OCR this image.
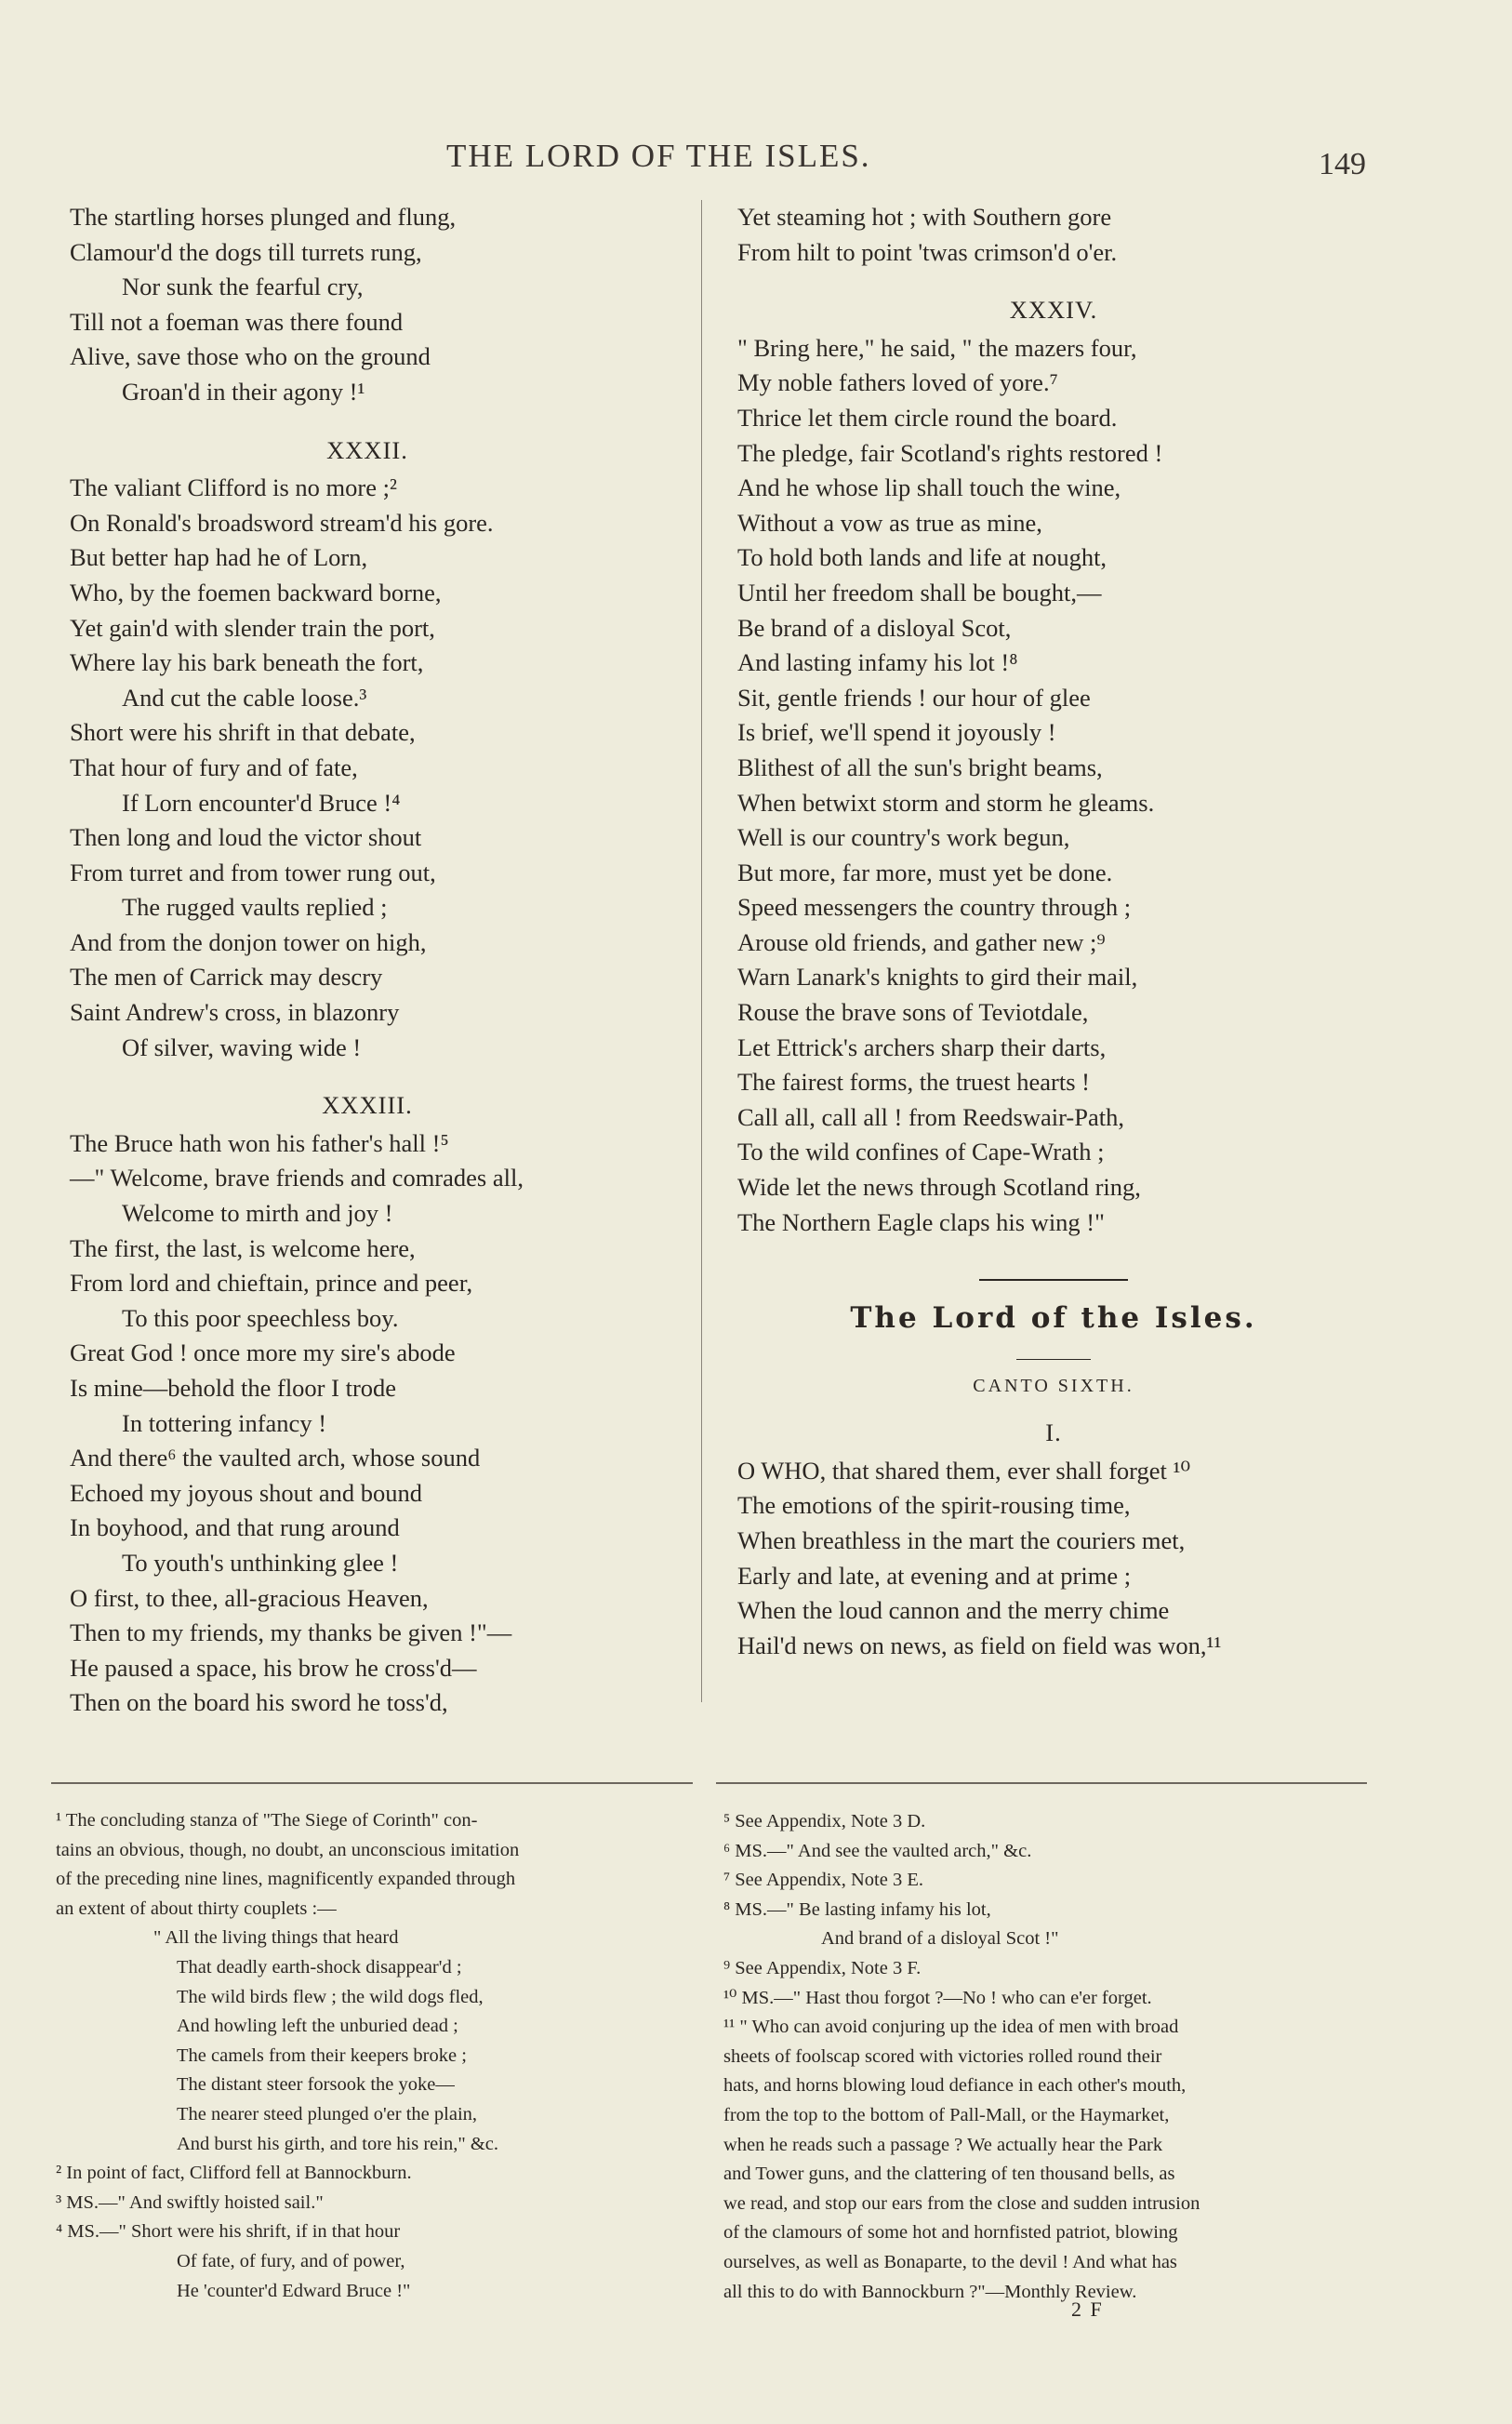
THE LORD OF THE ISLES.	149
The startling horses plunged and flung,
Clamour'd the dogs till turrets rung,
Nor sunk the fearful cry,
Till not a foeman was there found
Alive, save those who on the ground
Groan'd in their agony !¹
XXXII.
The valiant Clifford is no more ;²
On Ronald's broadsword stream'd his gore.
But better hap had he of Lorn,
Who, by the foemen backward borne,
Yet gain'd with slender train the port,
Where lay his bark beneath the fort,
And cut the cable loose.³
Short were his shrift in that debate,
That hour of fury and of fate,
If Lorn encounter'd Bruce !⁴
Then long and loud the victor shout
From turret and from tower rung out,
The rugged vaults replied ;
And from the donjon tower on high,
The men of Carrick may descry
Saint Andrew's cross, in blazonry
Of silver, waving wide !
XXXIII.
The Bruce hath won his father's hall !⁵
—" Welcome, brave friends and comrades all,
Welcome to mirth and joy !
The first, the last, is welcome here,
From lord and chieftain, prince and peer,
To this poor speechless boy.
Great God ! once more my sire's abode
Is mine—behold the floor I trode
In tottering infancy !
And there⁶ the vaulted arch, whose sound
Echoed my joyous shout and bound
In boyhood, and that rung around
To youth's unthinking glee !
O first, to thee, all-gracious Heaven,
Then to my friends, my thanks be given !"—
He paused a space, his brow he cross'd—
Then on the board his sword he toss'd,
Yet steaming hot ; with Southern gore
From hilt to point 'twas crimson'd o'er.
XXXIV.
" Bring here," he said, " the mazers four,
My noble fathers loved of yore.⁷
Thrice let them circle round the board.
The pledge, fair Scotland's rights restored !
And he whose lip shall touch the wine,
Without a vow as true as mine,
To hold both lands and life at nought,
Until her freedom shall be bought,—
Be brand of a disloyal Scot,
And lasting infamy his lot !⁸
Sit, gentle friends ! our hour of glee
Is brief, we'll spend it joyously !
Blithest of all the sun's bright beams,
When betwixt storm and storm he gleams.
Well is our country's work begun,
But more, far more, must yet be done.
Speed messengers the country through ;
Arouse old friends, and gather new ;⁹
Warn Lanark's knights to gird their mail,
Rouse the brave sons of Teviotdale,
Let Ettrick's archers sharp their darts,
The fairest forms, the truest hearts !
Call all, call all ! from Reedswair-Path,
To the wild confines of Cape-Wrath ;
Wide let the news through Scotland ring,
The Northern Eagle claps his wing !"
The Lord of the Isles.
CANTO SIXTH.
I.
O WHO, that shared them, ever shall forget ¹⁰
The emotions of the spirit-rousing time,
When breathless in the mart the couriers met,
Early and late, at evening and at prime ;
When the loud cannon and the merry chime
Hail'd news on news, as field on field was won,¹¹
¹ The concluding stanza of "The Siege of Corinth" con-
tains an obvious, though, no doubt, an unconscious imitation
of the preceding nine lines, magnificently expanded through
an extent of about thirty couplets :—
" All the living things that heard
That deadly earth-shock disappear'd ;
The wild birds flew ; the wild dogs fled,
And howling left the unburied dead ;
The camels from their keepers broke ;
The distant steer forsook the yoke—
The nearer steed plunged o'er the plain,
And burst his girth, and tore his rein," &c.
² In point of fact, Clifford fell at Bannockburn.
³ MS.—" And swiftly hoisted sail."
⁴ MS.—" Short were his shrift, if in that hour
Of fate, of fury, and of power,
He 'counter'd Edward Bruce !"
⁵ See Appendix, Note 3 D.
⁶ MS.—" And see the vaulted arch," &c.
⁷ See Appendix, Note 3 E.
⁸ MS.—" Be lasting infamy his lot,
And brand of a disloyal Scot !"
⁹ See Appendix, Note 3 F.
¹⁰ MS.—" Hast thou forgot ?—No ! who can e'er forget.
¹¹ " Who can avoid conjuring up the idea of men with broad
sheets of foolscap scored with victories rolled round their
hats, and horns blowing loud defiance in each other's mouth,
from the top to the bottom of Pall-Mall, or the Haymarket,
when he reads such a passage ? We actually hear the Park
and Tower guns, and the clattering of ten thousand bells, as
we read, and stop our ears from the close and sudden intrusion
of the clamours of some hot and hornfisted patriot, blowing
ourselves, as well as Bonaparte, to the devil ! And what has
all this to do with Bannockburn ?"—Monthly Review.
2 F
